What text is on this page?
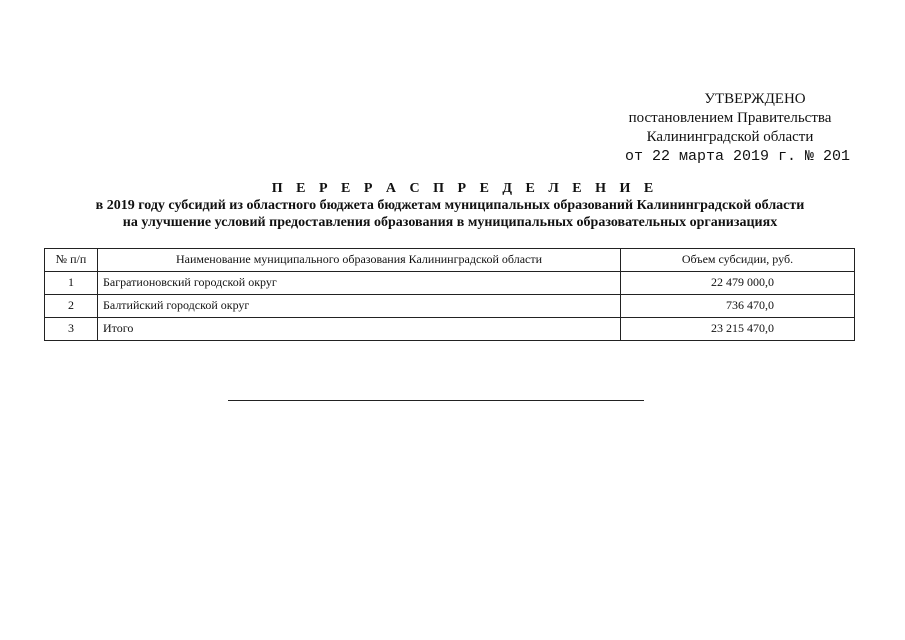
УТВЕРЖДЕНО
постановлением Правительства
Калининградской области
от 22 марта 2019 г. № 201
П Е Р Е Р А С П Р Е Д Е Л Е Н И Е
в 2019 году субсидий из областного бюджета бюджетам муниципальных образований Калининградской области
на улучшение условий предоставления образования в муниципальных образовательных организациях
№ п/п	Наименование муниципального образования Калининградской области	Объем субсидии, руб.
1	Багратионовский городской округ	22 479 000,0
2	Балтийский городской округ	736 470,0
3	Итого	23 215 470,0
